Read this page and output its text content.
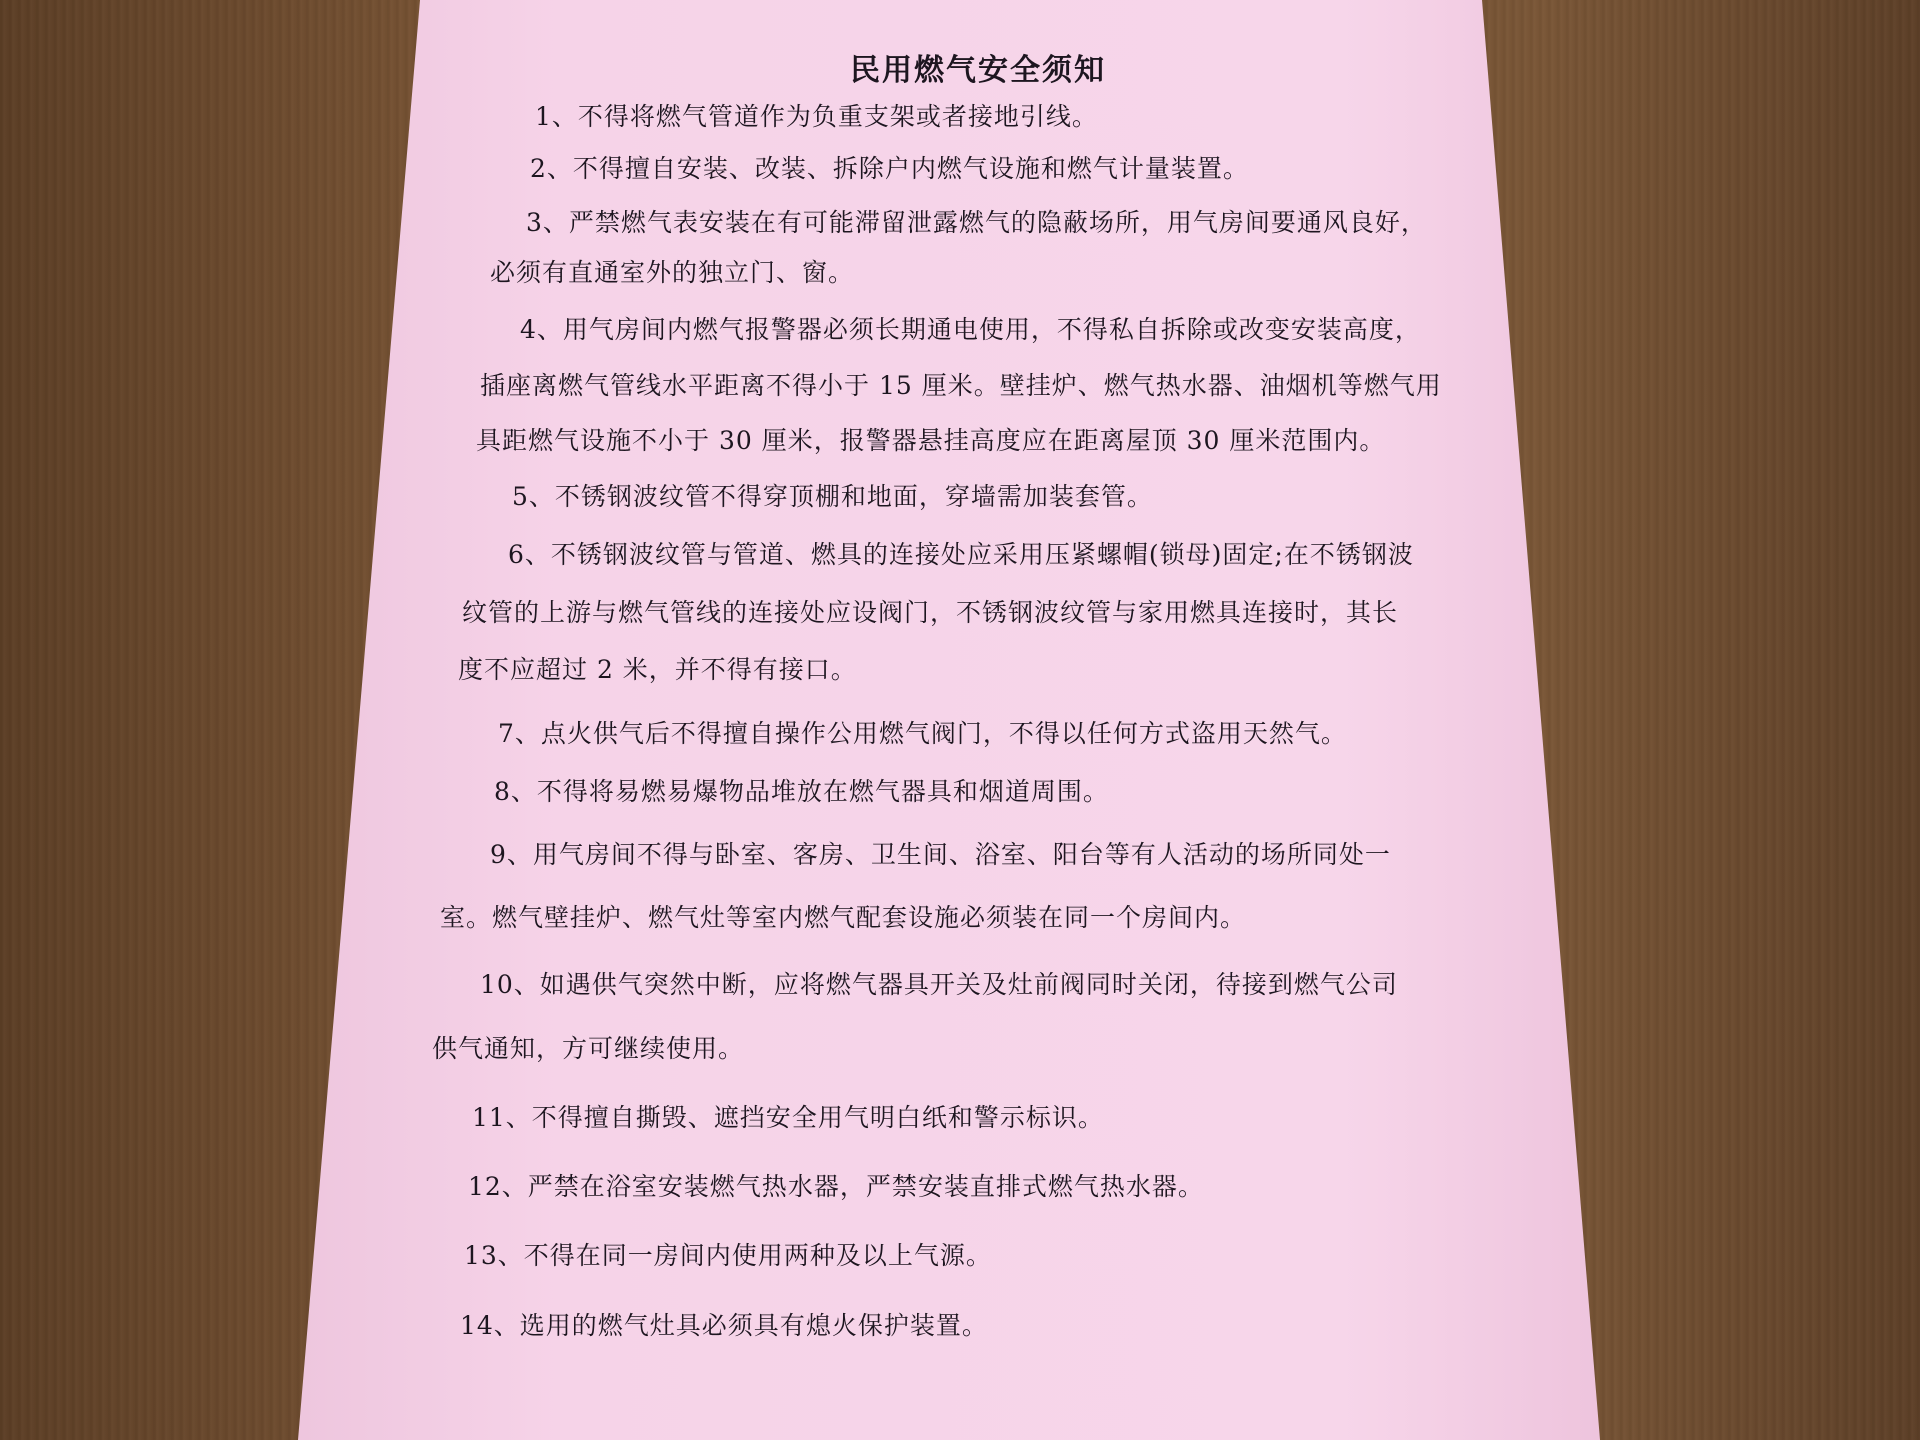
民用燃气安全须知
1、不得将燃气管道作为负重支架或者接地引线。
2、不得擅自安装、改装、拆除户内燃气设施和燃气计量装置。
3、严禁燃气表安装在有可能滞留泄露燃气的隐蔽场所，用气房间要通风良好，
必须有直通室外的独立门、窗。
4、用气房间内燃气报警器必须长期通电使用，不得私自拆除或改变安装高度，
插座离燃气管线水平距离不得小于 15 厘米。壁挂炉、燃气热水器、油烟机等燃气用
具距燃气设施不小于 30 厘米，报警器悬挂高度应在距离屋顶 30 厘米范围内。
5、不锈钢波纹管不得穿顶棚和地面，穿墙需加装套管。
6、不锈钢波纹管与管道、燃具的连接处应采用压紧螺帽(锁母)固定;在不锈钢波
纹管的上游与燃气管线的连接处应设阀门，不锈钢波纹管与家用燃具连接时，其长
度不应超过 2 米，并不得有接口。
7、点火供气后不得擅自操作公用燃气阀门，不得以任何方式盗用天然气。
8、不得将易燃易爆物品堆放在燃气器具和烟道周围。
9、用气房间不得与卧室、客房、卫生间、浴室、阳台等有人活动的场所同处一
室。燃气壁挂炉、燃气灶等室内燃气配套设施必须装在同一个房间内。
10、如遇供气突然中断，应将燃气器具开关及灶前阀同时关闭，待接到燃气公司
供气通知，方可继续使用。
11、不得擅自撕毁、遮挡安全用气明白纸和警示标识。
12、严禁在浴室安装燃气热水器，严禁安装直排式燃气热水器。
13、不得在同一房间内使用两种及以上气源。
14、选用的燃气灶具必须具有熄火保护装置。
